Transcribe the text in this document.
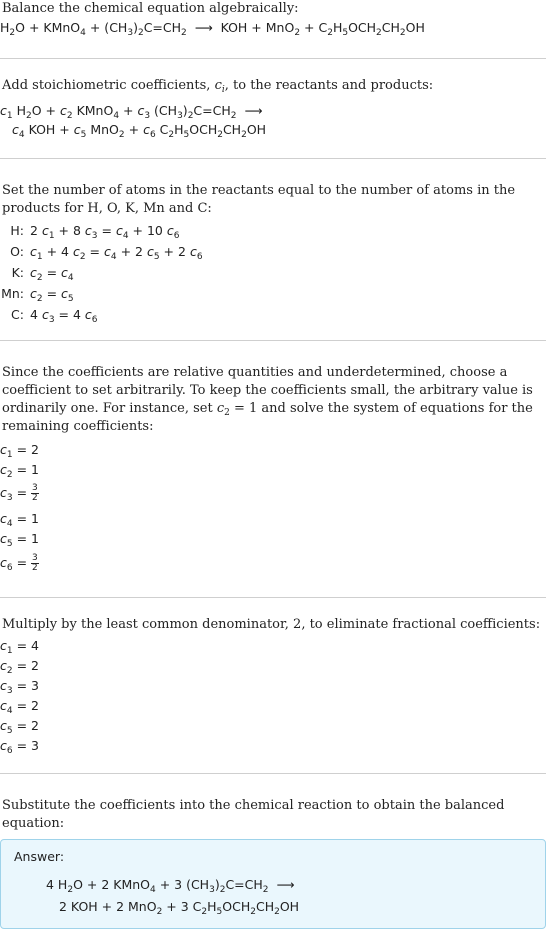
Balance the chemical equation algebraically:
$H_2O$ + KMnO$_4$ + $(CH_3)_2C=CH_2$  ⟶  KOH + $MnO_2 + C_2H_5OCH_2CH_2OH$
Add stoichiometric coefficients, $c_i$, to the reactants and products:
$c_1$ $H_2O + c_2$ KMnO$_4$ + $c_3$ $(CH_3)_2C=CH_2$  ⟶
$c_4$ KOH + $c_5$ $MnO_2 + c_6$ $C_2H_5OCH_2CH_2OH$
Set the number of atoms in the reactants equal to the number of atoms in the products for H, O, K, Mn and C:
H: 2 $c_1 + 8$ $c_3 = c_4 + 10$ $c_6$
O: $c_1 + 4$ $c_2 = c_4 + 2$ $c_5 + 2$ $c_6$
K: $c_2 = c_4$
Mn: $c_2 = c_5$
C: 4 $c_3 = 4$ $c_6$
Since the coefficients are relative quantities and underdetermined, choose a coefficient to set arbitrarily. To keep the coefficients small, the arbitrary value is ordinarily one. For instance, set $c_2 = 1$ and solve the system of equations for the remaining coefficients:
$c_1 = 2$
$c_2 = 1$
$c_3 = \frac{3}{2}$
$c_4 = 1$
$c_5 = 1$
$c_6 = \frac{3}{2}$
Multiply by the least common denominator, 2, to eliminate fractional coefficients:
$c_1 = 4$
$c_2 = 2$
$c_3 = 3$
$c_4 = 2$
$c_5 = 2$
$c_6 = 3$
Substitute the coefficients into the chemical reaction to obtain the balanced equation:
Answer:
4 $H_2O + 2$ KMnO$_4$ + 3 $(CH_3)_2C=CH_2$  ⟶
2 KOH + 2 MnO$_2$ + 3 $C_2H_5OCH_2CH_2OH$
